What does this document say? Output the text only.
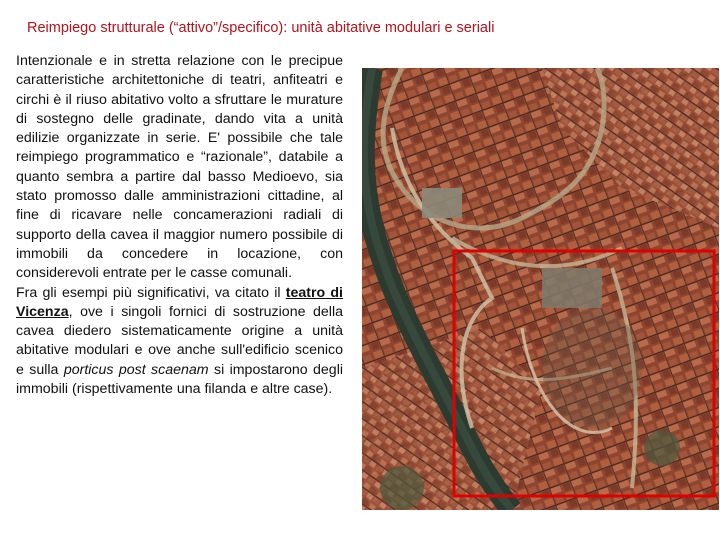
Reimpiego strutturale (“attivo”/specifico): unità abitative modulari e seriali

Intenzionale e in stretta relazione con le precipue caratteristiche architettoniche di teatri, anfiteatri e circhi è il riuso abitativo volto a sfruttare le murature di sostegno delle gradinate, dando vita a unità edilizie organizzate in serie. E' possibile che tale reimpiego programmatico e “razionale”, databile a quanto sembra a partire dal basso Medioevo, sia stato promosso dalle amministrazioni cittadine, al fine di ricavare nelle concamerazioni radiali di supporto della cavea il maggior numero possibile di immobili da concedere in locazione, con considerevoli entrate per le casse comunali.

Fra gli esempi più significativi, va citato il teatro di Vicenza, ove i singoli fornici di sostruzione della cavea diedero sistematicamente origine a unità abitative modulari e ove anche sull'edificio scenico e sulla porticus post scaenam si impostarono degli immobili (rispettivamente una filanda e altre case).
